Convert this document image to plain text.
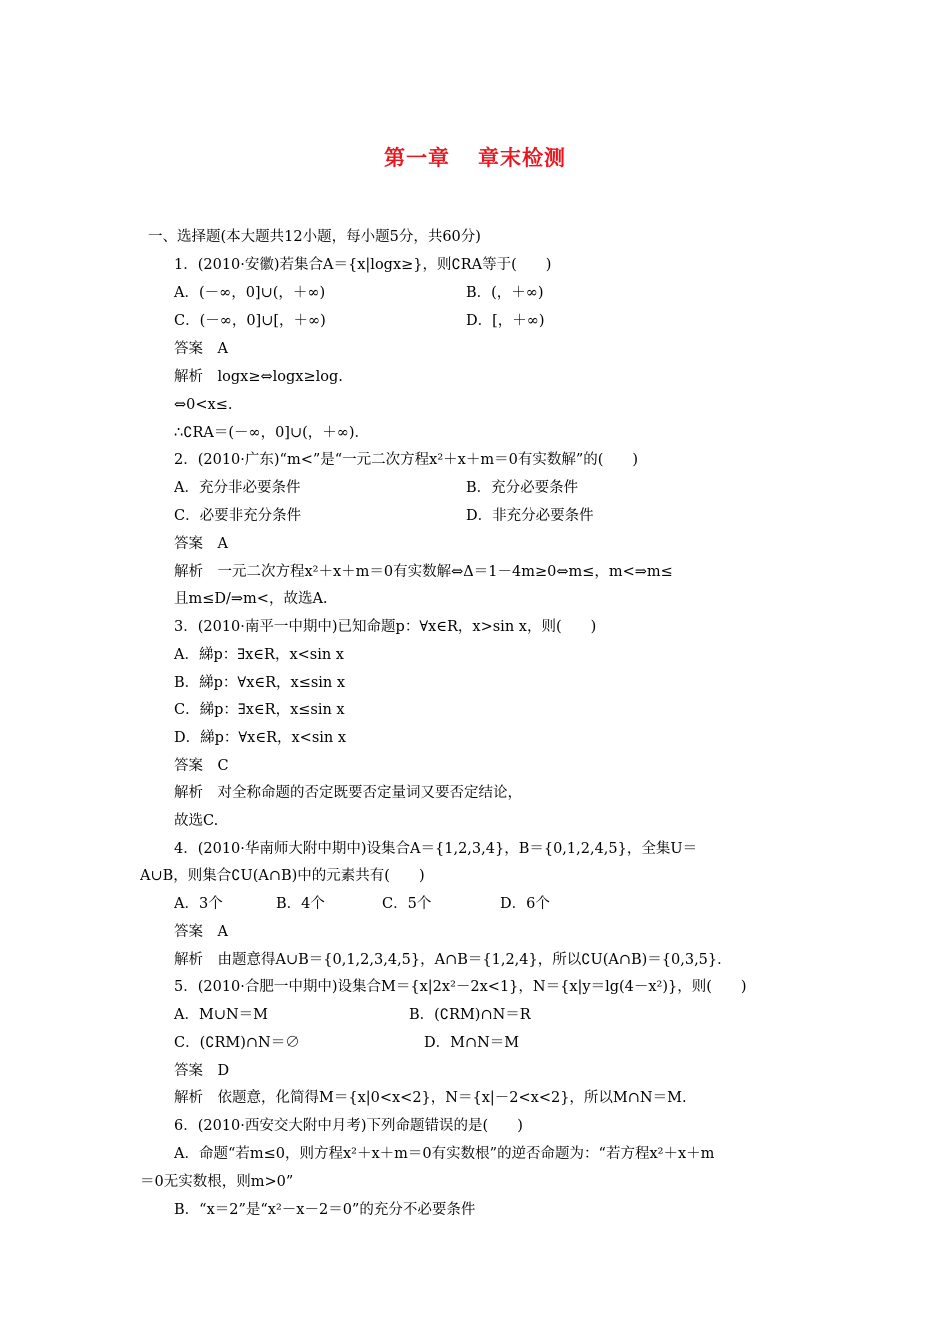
第一章 章末检测
一、选择题(本大题共12小题，每小题5分，共60分)
1．(2010·安徽)若集合A＝{x|logx≥}，则∁RA等于(　　)
A．(－∞，0]∪(，＋∞)	B．(，＋∞)
C．(－∞，0]∪[，＋∞)	D．[，＋∞)
答案　A
解析　logx≥⇔logx≥log.
⇔0<x≤.
∴∁RA＝(－∞，0]∪(，＋∞)．
2．(2010·广东)“m<”是“一元二次方程x²＋x＋m＝0有实数解”的(　　)
A．充分非必要条件	B．充分必要条件
C．必要非充分条件	D．非充分必要条件
答案　A
解析　一元二次方程x²＋x＋m＝0有实数解⇔Δ＝1－4m≥0⇔m≤，m<⇒m≤
且m≤D/⇒m<，故选A.
3．(2010·南平一中期中)已知命题p：∀x∈R，x>sin x，则(　　)
A．綈p：∃x∈R，x<sin x
B．綈p：∀x∈R，x≤sin x
C．綈p：∃x∈R，x≤sin x
D．綈p：∀x∈R，x<sin x
答案　C
解析　对全称命题的否定既要否定量词又要否定结论，
故选C.
4．(2010·华南师大附中期中)设集合A＝{1,2,3,4}，B＝{0,1,2,4,5}，全集U＝
A∪B，则集合∁U(A∩B)中的元素共有(　　)
A．3个	B．4个	C．5个	D．6个
答案　A
解析　由题意得A∪B＝{0,1,2,3,4,5}，A∩B＝{1,2,4}，所以∁U(A∩B)＝{0,3,5}．
5．(2010·合肥一中期中)设集合M＝{x|2x²－2x<1}，N＝{x|y＝lg(4－x²)}，则(　　)
A．M∪N＝M	B．(∁RM)∩N＝R
C．(∁RM)∩N＝∅	D．M∩N＝M
答案　D
解析　依题意，化简得M＝{x|0<x<2}，N＝{x|－2<x<2}，所以M∩N＝M.
6．(2010·西安交大附中月考)下列命题错误的是(　　)
A．命题“若m≤0，则方程x²＋x＋m＝0有实数根”的逆否命题为：“若方程x²＋x＋m
＝0无实数根，则m>0”
B．“x＝2”是“x²－x－2＝0”的充分不必要条件
